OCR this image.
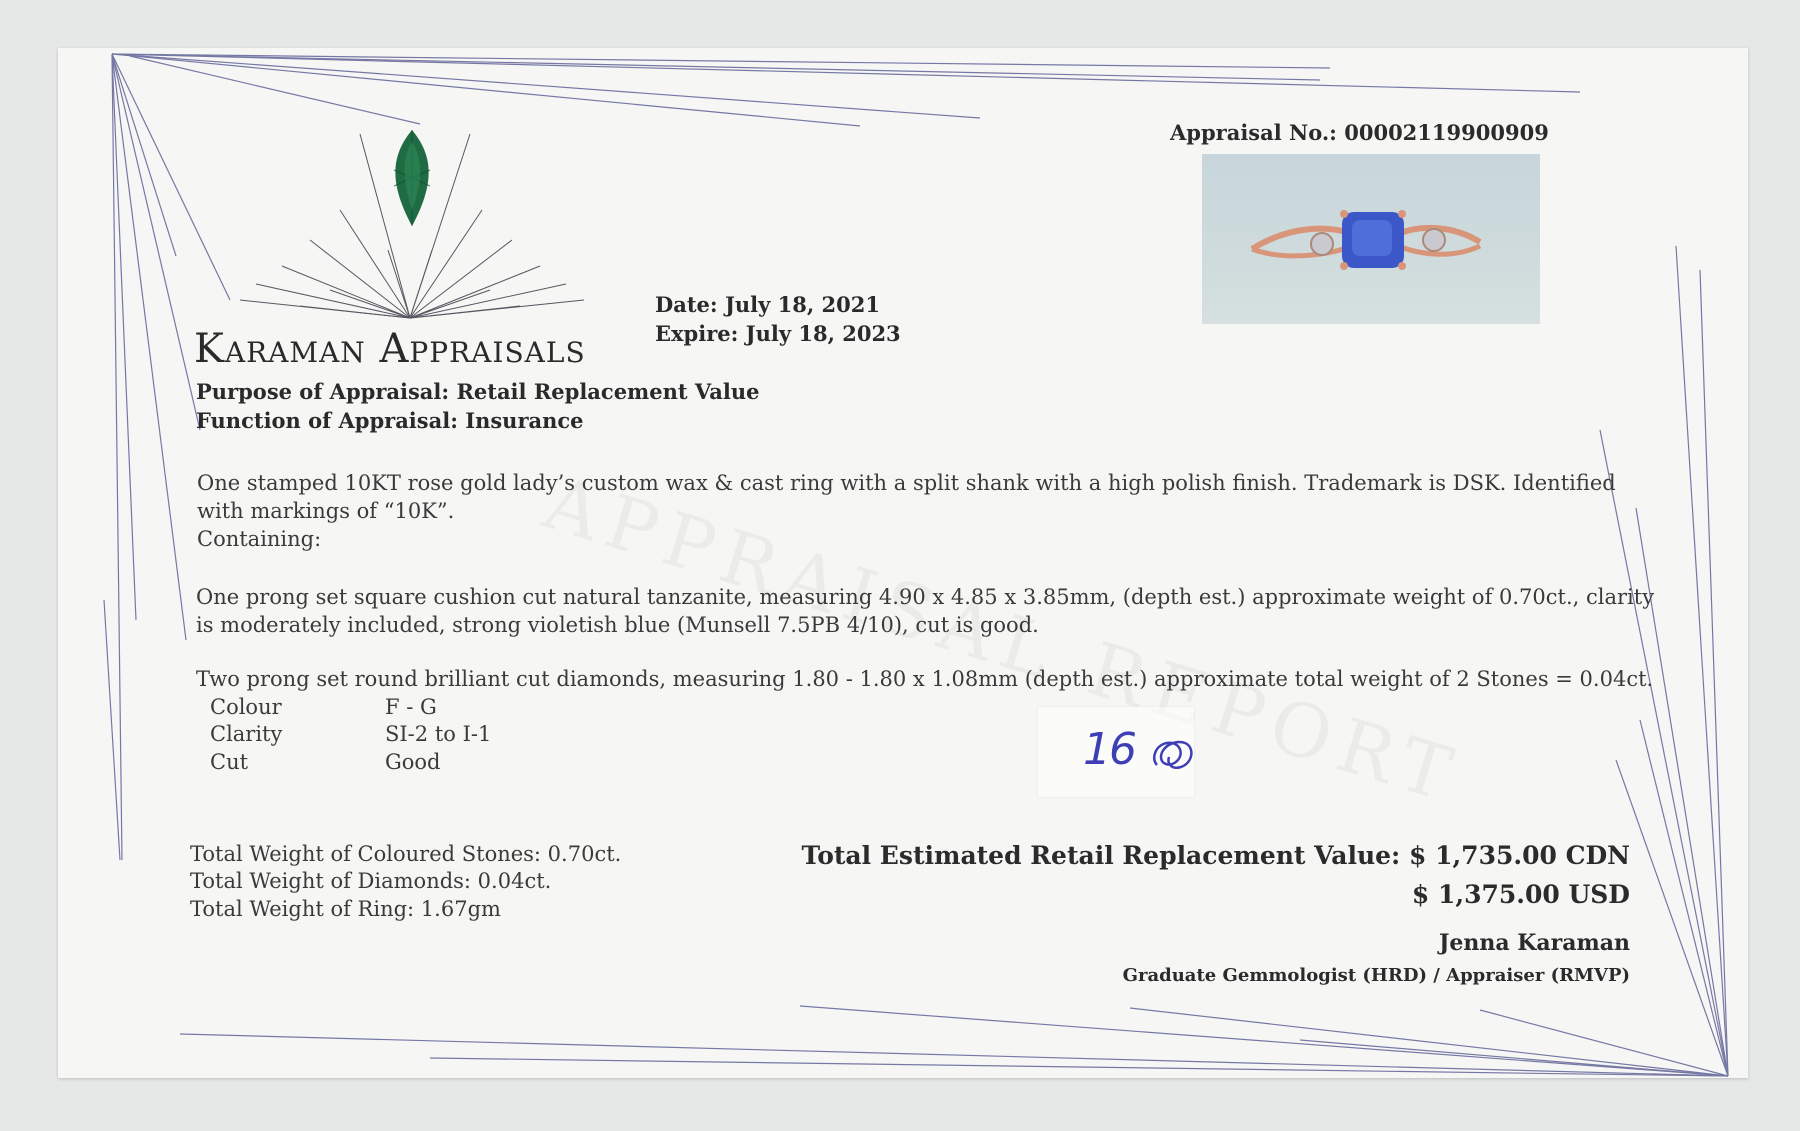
Karaman Appraisals
Appraisal No.: 00002119900909
Date: July 18, 2021
Expire: July 18, 2023
Purpose of Appraisal: Retail Replacement Value
Function of Appraisal: Insurance
One stamped 10KT rose gold lady’s custom wax & cast ring with a split shank with a high polish finish. Trademark is DSK. Identified with markings of “10K”.
Containing:
One prong set square cushion cut natural tanzanite, measuring 4.90 x 4.85 x 3.85mm, (depth est.) approximate weight of 0.70ct., clarity is moderately included, strong violetish blue (Munsell 7.5PB 4/10), cut is good.
Two prong set round brilliant cut diamonds, measuring 1.80 - 1.80 x 1.08mm (depth est.) approximate total weight of 2 Stones = 0.04ct.
Colour	F - G
Clarity	SI-2 to I-1
Cut	Good	16
Total Weight of Coloured Stones: 0.70ct.
Total Weight of Diamonds: 0.04ct.
Total Weight of Ring: 1.67gm
Total Estimated Retail Replacement Value: $ 1,735.00 CDN
$ 1,375.00 USD
Jenna Karaman
Graduate Gemmologist (HRD) / Appraiser (RMVP)
